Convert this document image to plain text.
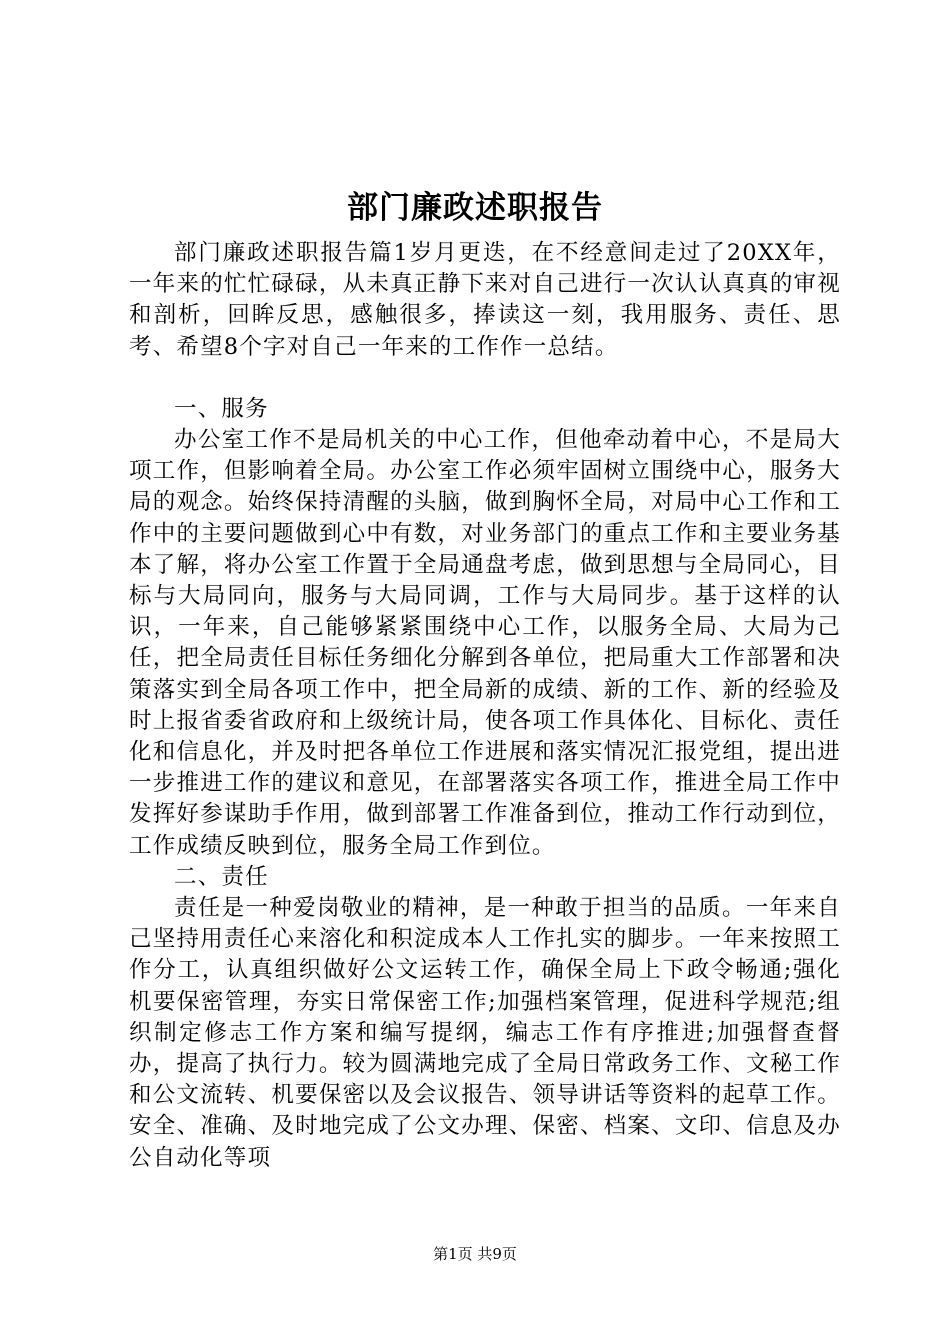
部门廉政述职报告

部门廉政述职报告篇1岁月更迭，在不经意间走过了20XX年，一年来的忙忙碌碌，从未真正静下来对自己进行一次认认真真的审视和剖析，回眸反思，感触很多，捧读这一刻，我用服务、责任、思考、希望8个字对自己一年来的工作作一总结。

一、服务

办公室工作不是局机关的中心工作，但他牵动着中心，不是局大项工作，但影响着全局。办公室工作必须牢固树立围绕中心，服务大局的观念。始终保持清醒的头脑，做到胸怀全局，对局中心工作和工作中的主要问题做到心中有数，对业务部门的重点工作和主要业务基本了解，将办公室工作置于全局通盘考虑，做到思想与全局同心，目标与大局同向，服务与大局同调，工作与大局同步。基于这样的认识，一年来，自己能够紧紧围绕中心工作，以服务全局、大局为己任，把全局责任目标任务细化分解到各单位，把局重大工作部署和决策落实到全局各项工作中，把全局新的成绩、新的工作、新的经验及时上报省委省政府和上级统计局，使各项工作具体化、目标化、责任化和信息化，并及时把各单位工作进展和落实情况汇报党组，提出进一步推进工作的建议和意见，在部署落实各项工作，推进全局工作中发挥好参谋助手作用，做到部署工作准备到位，推动工作行动到位，工作成绩反映到位，服务全局工作到位。

二、责任

责任是一种爱岗敬业的精神，是一种敢于担当的品质。一年来自己坚持用责任心来溶化和积淀成本人工作扎实的脚步。一年来按照工作分工，认真组织做好公文运转工作，确保全局上下政令畅通;强化机要保密管理，夯实日常保密工作;加强档案管理，促进科学规范;组织制定修志工作方案和编写提纲，编志工作有序推进;加强督查督办，提高了执行力。较为圆满地完成了全局日常政务工作、文秘工作和公文流转、机要保密以及会议报告、领导讲话等资料的起草工作。安全、准确、及时地完成了公文办理、保密、档案、文印、信息及办公自动化等项

第1页 共9页
